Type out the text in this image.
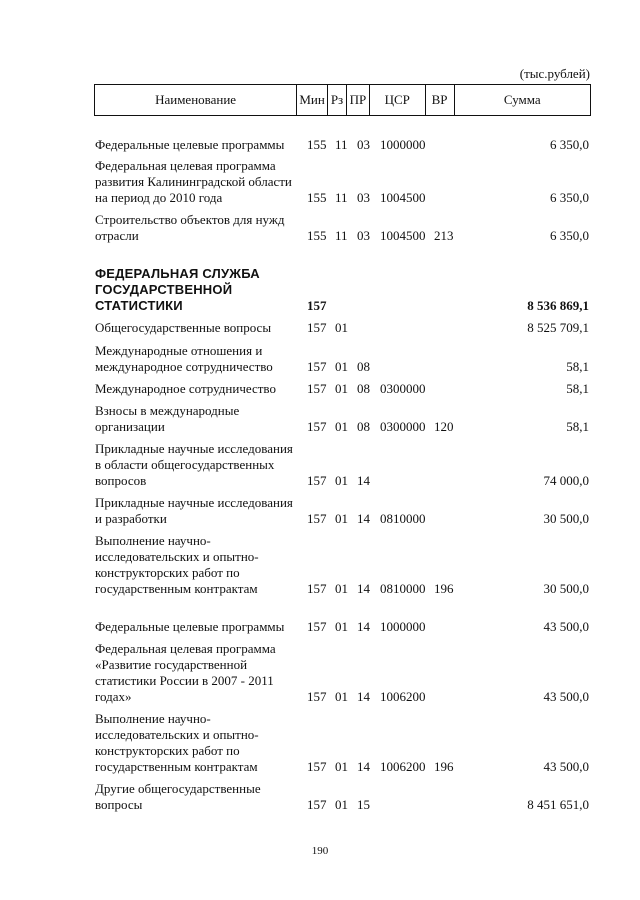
(тыс.рублей)
Наименование	Мин Рз ПР	ЦСР	ВР	Сумма
Федеральные целевые программы	155 11 03 1000000	6 350,0
Федеральная целевая программа развития Калининградской области на период до 2010 года	155 11 03 1004500	6 350,0
Строительство объектов для нужд отрасли	155 11 03 1004500 213	6 350,0
ФЕДЕРАЛЬНАЯ СЛУЖБА ГОСУДАРСТВЕННОЙ СТАТИСТИКИ	157	8 536 869,1
Общегосударственные вопросы	157 01	8 525 709,1
Международные отношения и международное сотрудничество	157 01 08	58,1
Международное сотрудничество	157 01 08 0300000	58,1
Взносы в международные организации	157 01 08 0300000 120	58,1
Прикладные научные исследования в области общегосударственных вопросов	157 01 14	74 000,0
Прикладные научные исследования и разработки	157 01 14 0810000	30 500,0
Выполнение научно-исследовательских и опытно-конструкторских работ по государственным контрактам	157 01 14 0810000 196	30 500,0
Федеральные целевые программы	157 01 14 1000000	43 500,0
Федеральная целевая программа «Развитие государственной статистики России в 2007 - 2011 годах»	157 01 14 1006200	43 500,0
Выполнение научно-исследовательских и опытно-конструкторских работ по государственным контрактам	157 01 14 1006200 196	43 500,0
Другие общегосударственные вопросы	157 01 15	8 451 651,0
190
